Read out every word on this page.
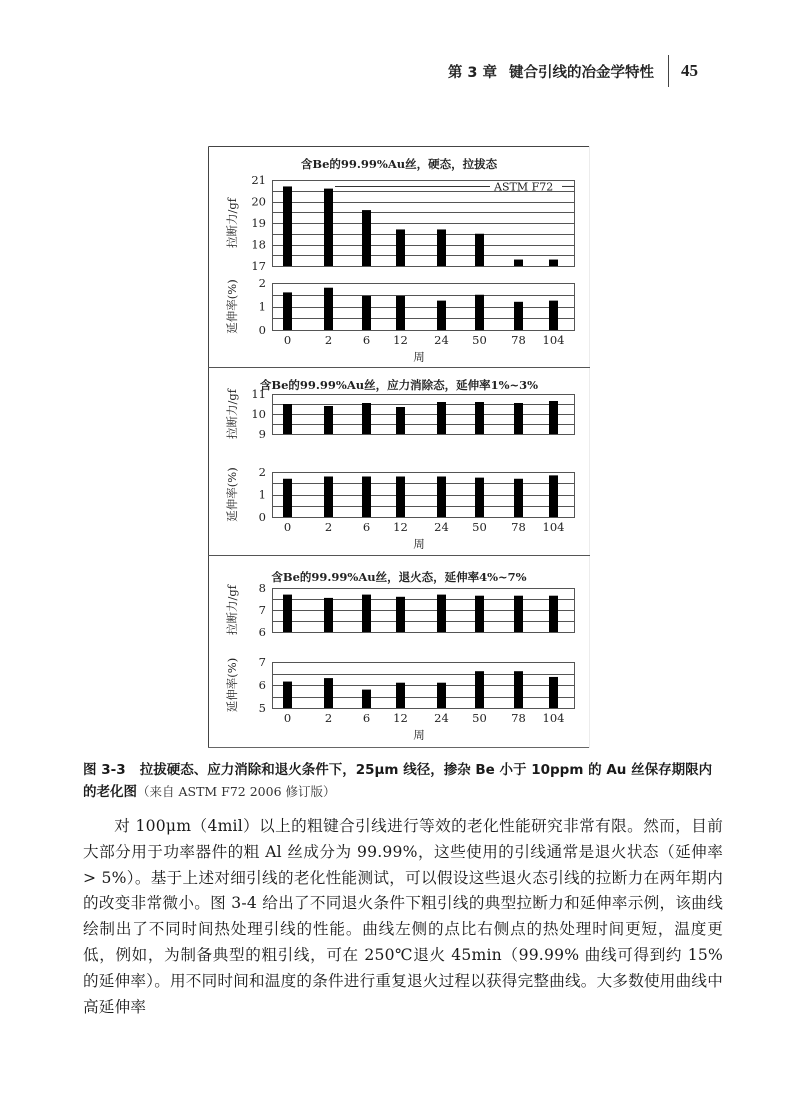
第 3 章 键合引线的冶金学特性 45
含Be的99.99%Au丝，硬态，拉拔态
17
18
19
20
21
拉断力/gf
ASTM F72
0
1
2
延伸率(%)
0	2	6 12 24 50 78 104
周
含Be的99.99%Au丝，应力消除态，延伸率1%~3%
9
10
11
拉断力/gf
0
1
2
延伸率(%)
0	2	6 12 24 50 78 104
周
含Be的99.99%Au丝，退火态，延伸率4%~7%
6
7
8
拉断力/gf
5
6
7
延伸率(%)
0	2	6 12 24 50 78 104
周
图 3-3 拉拔硬态、应力消除和退火条件下，25μm 线径，掺杂 Be 小于 10ppm 的 Au 丝保存期限内的老化图（来自 ASTM F72 2006 修订版）
对 100μm（4mil）以上的粗键合引线进行等效的老化性能研究非常有限。然而，目前大部分用于功率器件的粗 Al 丝成分为 99.99%，这些使用的引线通常是退火状态（延伸率 > 5%）。基于上述对细引线的老化性能测试，可以假设这些退火态引线的拉断力在两年期内的改变非常微小。图 3-4 给出了不同退火条件下粗引线的典型拉断力和延伸率示例，该曲线绘制出了不同时间热处理引线的性能。曲线左侧的点比右侧点的热处理时间更短，温度更低，例如，为制备典型的粗引线，可在 250℃退火 45min（99.99% 曲线可得到约 15% 的延伸率）。用不同时间和温度的条件进行重复退火过程以获得完整曲线。大多数使用曲线中高延伸率
